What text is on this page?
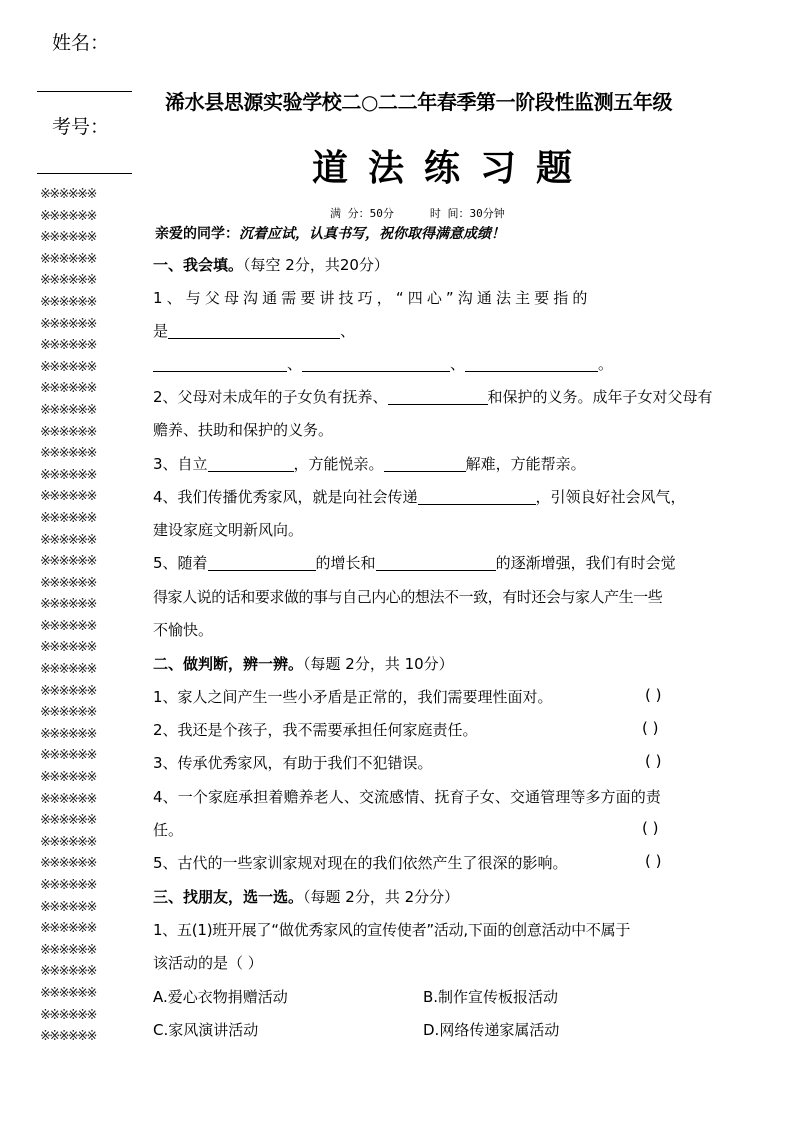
姓名：
考号：
※※※※※※
※※※※※※
※※※※※※
※※※※※※
※※※※※※
※※※※※※
※※※※※※
※※※※※※
※※※※※※
※※※※※※
※※※※※※
※※※※※※
※※※※※※
※※※※※※
※※※※※※
※※※※※※
※※※※※※
※※※※※※
※※※※※※
※※※※※※
※※※※※※
※※※※※※
※※※※※※
※※※※※※
※※※※※※
※※※※※※
※※※※※※
※※※※※※
※※※※※※
※※※※※※
※※※※※※
※※※※※※
※※※※※※
※※※※※※
※※※※※※
※※※※※※
※※※※※※
※※※※※※
※※※※※※
※※※※※※
浠水县思源实验学校二○二二年春季第一阶段性监测五年级
道法练习题
满 分：50分	时 间：30分钟
亲爱的同学：沉着应试，认真书写，祝你取得满意成绩！
一、我会填。（每空 2分，共20分）
1、与父母沟通需要讲技巧，“四心”沟通法主要指的
是	、
、	、	。
2、父母对未成年的子女负有抚养、	和保护的义务。成年子女对父母有
赡养、扶助和保护的义务。
3、自立	，方能悦亲。	解难，方能帮亲。
4、我们传播优秀家风，就是向社会传递	，引领良好社会风气，
建设家庭文明新风向。
5、随着	的增长和	的逐渐增强，我们有时会觉
得家人说的话和要求做的事与自己内心的想法不一致，有时还会与家人产生一些
不愉快。
二、做判断，辨一辨。（每题 2分，共 10分）
1、家人之间产生一些小矛盾是正常的，我们需要理性面对。	( )
2、我还是个孩子，我不需要承担任何家庭责任。	( )
3、传承优秀家风，有助于我们不犯错误。	( )
4、一个家庭承担着赡养老人、交流感情、抚育子女、交通管理等多方面的责
任。	( )
5、古代的一些家训家规对现在的我们依然产生了很深的影响。	( )
三、找朋友，选一选。（每题 2分，共 2分分）
1、五(1)班开展了“做优秀家风的宣传使者”活动,下面的创意活动中不属于
该活动的是（ ）
A.爱心衣物捐赠活动	B.制作宣传板报活动
C.家风演讲活动	D.网络传递家属活动
